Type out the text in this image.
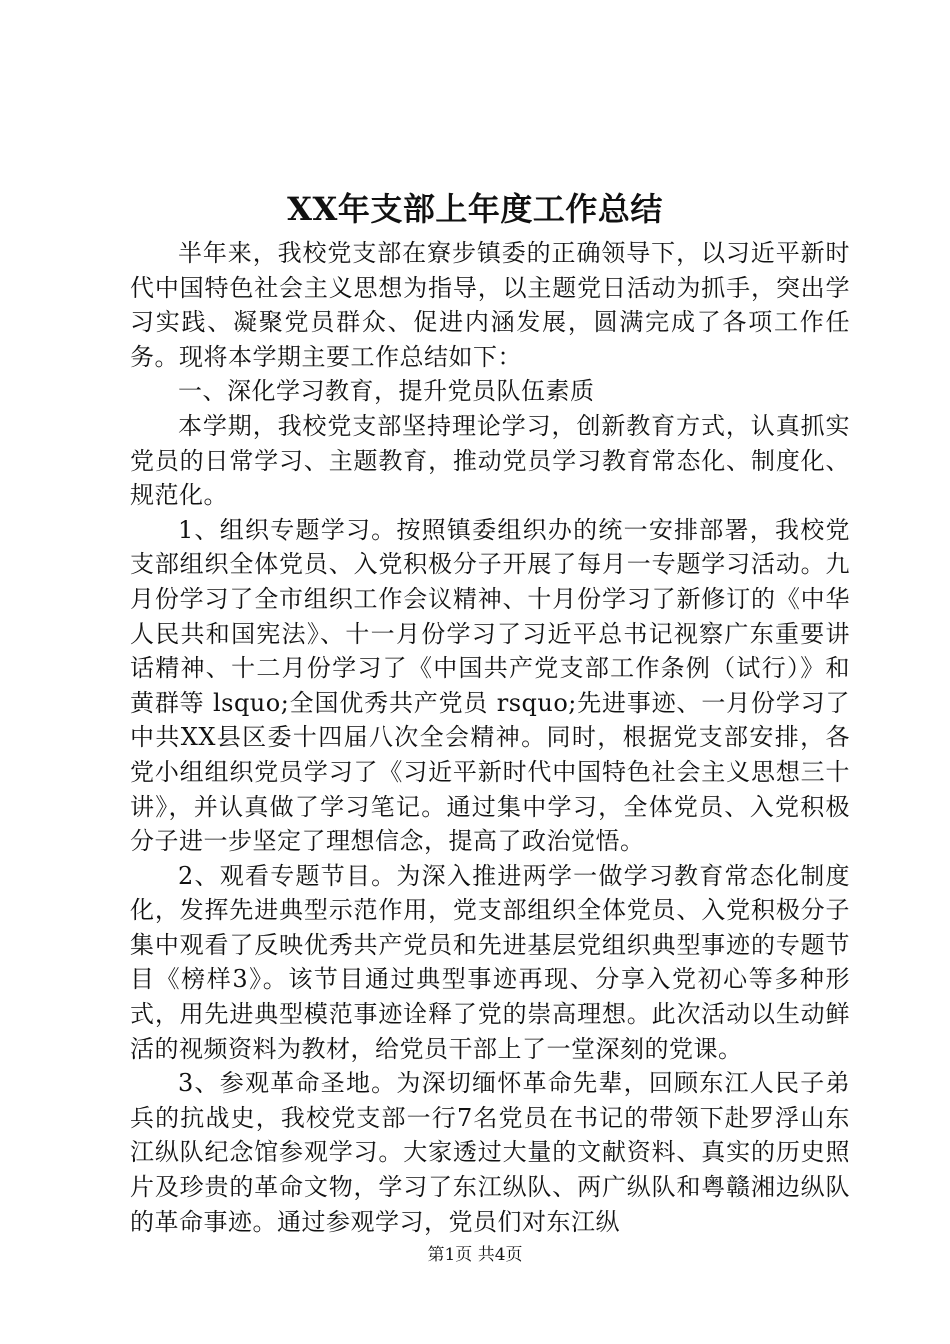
XX年支部上年度工作总结

半年来，我校党支部在寮步镇委的正确领导下，以习近平新时代中国特色社会主义思想为指导，以主题党日活动为抓手，突出学习实践、凝聚党员群众、促进内涵发展，圆满完成了各项工作任务。现将本学期主要工作总结如下：

一、深化学习教育，提升党员队伍素质

本学期，我校党支部坚持理论学习，创新教育方式，认真抓实党员的日常学习、主题教育，推动党员学习教育常态化、制度化、规范化。

1、组织专题学习。按照镇委组织办的统一安排部署，我校党支部组织全体党员、入党积极分子开展了每月一专题学习活动。九月份学习了全市组织工作会议精神、十月份学习了新修订的《中华人民共和国宪法》、十一月份学习了习近平总书记视察广东重要讲话精神、十二月份学习了《中国共产党支部工作条例（试行）》和黄群等 lsquo;全国优秀共产党员 rsquo;先进事迹、一月份学习了中共XX县区委十四届八次全会精神。同时，根据党支部安排，各党小组组织党员学习了《习近平新时代中国特色社会主义思想三十讲》，并认真做了学习笔记。通过集中学习，全体党员、入党积极分子进一步坚定了理想信念，提高了政治觉悟。

2、观看专题节目。为深入推进两学一做学习教育常态化制度化，发挥先进典型示范作用，党支部组织全体党员、入党积极分子集中观看了反映优秀共产党员和先进基层党组织典型事迹的专题节目《榜样3》。该节目通过典型事迹再现、分享入党初心等多种形式，用先进典型模范事迹诠释了党的崇高理想。此次活动以生动鲜活的视频资料为教材，给党员干部上了一堂深刻的党课。

3、参观革命圣地。为深切缅怀革命先辈，回顾东江人民子弟兵的抗战史，我校党支部一行7名党员在书记的带领下赴罗浮山东江纵队纪念馆参观学习。大家透过大量的文献资料、真实的历史照片及珍贵的革命文物，学习了东江纵队、两广纵队和粤赣湘边纵队的革命事迹。通过参观学习，党员们对东江纵

第1页 共4页
